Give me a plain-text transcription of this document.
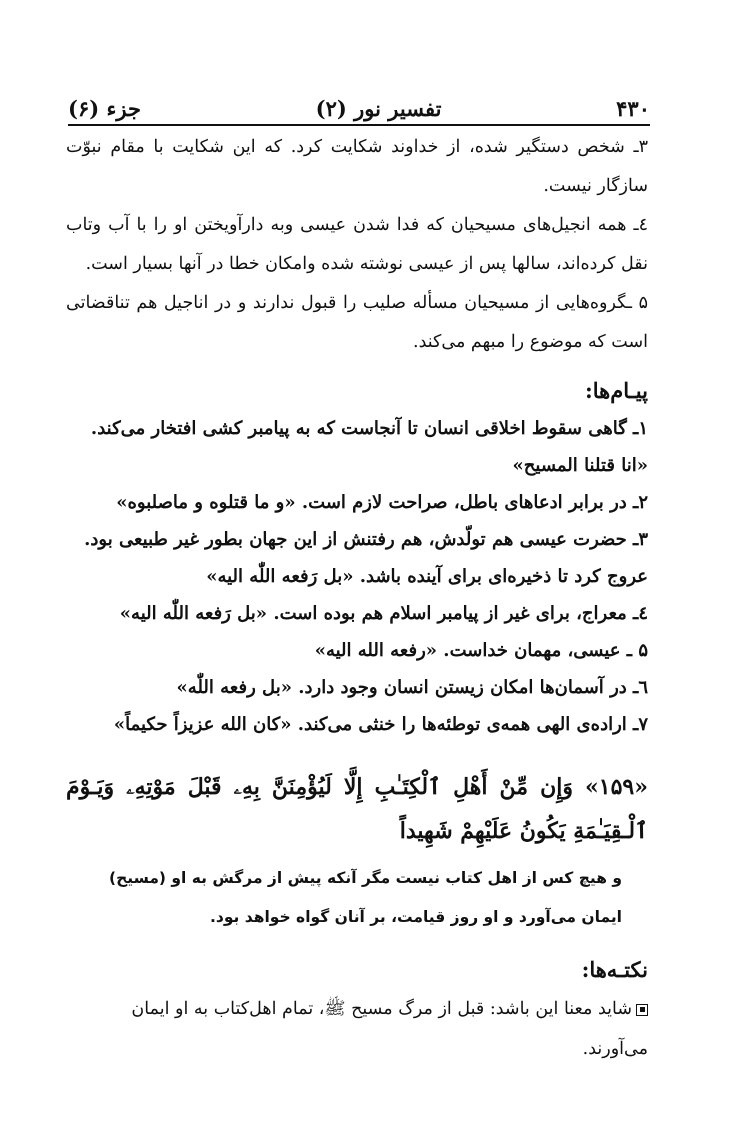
۴۳۰
تفسیر نور (۲)
جزء (۶)

۳ـ شخص دستگیر شده، از خداوند شکایت کرد. که این شکایت با مقام نبوّت سازگار نیست.

٤ـ همه انجیل‌های مسیحیان که فدا شدن عیسی وبه دارآویختن او را با آب وتاب نقل کرده‌اند، سالها پس از عیسی نوشته شده وامکان خطا در آنها بسیار است.

۵ ـگروه‌هایی از مسیحیان مسأله صلیب را قبول ندارند و در اناجیل هم تناقضاتی است که موضوع را مبهم می‌کند.

پیـام‌ها:

۱ـ گاهی سقوط اخلاقی انسان تا آنجاست که به پیامبر کشی افتخار می‌کند. «انا قتلنا المسیح»

۲ـ در برابر ادعاهای باطل، صراحت لازم است. «و ما قتلوه و ماصلبوه»

۳ـ حضرت عیسی هم تولّدش، هم رفتنش از این جهان بطور غیر طبیعی بود. عروج کرد تا ذخیره‌ای برای آینده باشد. «بل رَفعه اللّٰه الیه»

٤ـ معراج، برای غیر از پیامبر اسلام هم بوده است. «بل رَفعه اللّٰه الیه»

۵ ـ عیسی، مهمان خداست. «رفعه الله الیه»

٦ـ در آسمان‌ها امکان زیستن انسان وجود دارد. «بل رفعه اللّٰه»

۷ـ اراده‌ی الهی همه‌ی توطئه‌ها را خنثی می‌کند. «کان الله عزیزاً حکیماً»

«۱۵۹» وَإِن مِّنْ أَهْلِ ٱلْكِتَـٰبِ إِلَّا لَيُؤْمِنَنَّ بِهِۦ قَبْلَ مَوْتِهِۦ وَيَـوْمَ ٱلْـقِيَـٰمَةِ يَكُونُ عَلَيْهِمْ شَهِيداً

و هیچ کس از اهل کتاب نیست مگر آنکه پیش از مرگش به او (مسیح) ایمان می‌آورد و او روز قیامت، بر آنان گواه خواهد بود.

نکتـه‌ها:

شاید معنا این باشد: قبل از مرگ مسیح ﷺ، تمام اهل‌کتاب به او ایمان می‌آورند.
